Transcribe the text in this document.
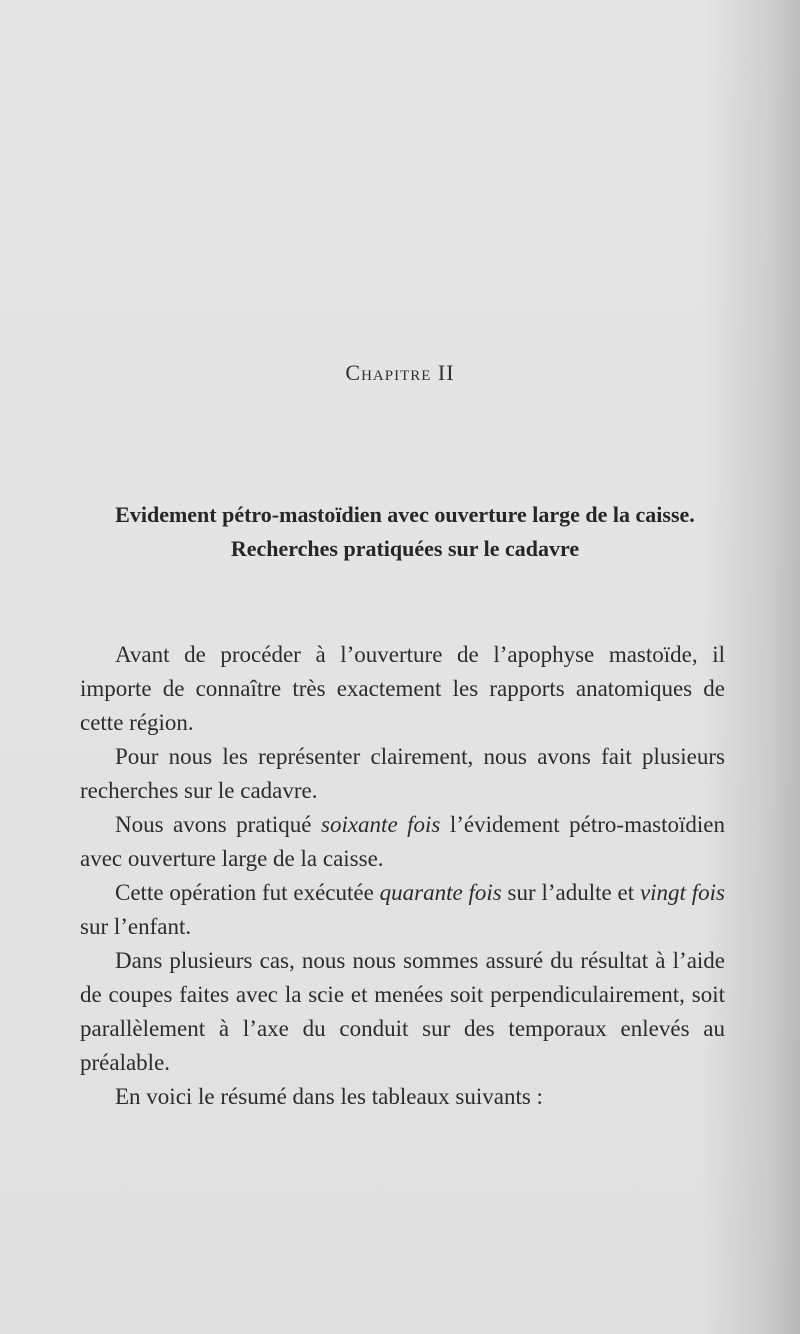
Chapitre II
Evidement pétro-mastoïdien avec ouverture large de la caisse.
Recherches pratiquées sur le cadavre

Avant de procéder à l’ouverture de l’apophyse mastoïde, il importe de connaître très exactement les rapports anatomiques de cette région.

Pour nous les représenter clairement, nous avons fait plusieurs recherches sur le cadavre.

Nous avons pratiqué soixante fois l’évidement pétro-mastoïdien avec ouverture large de la caisse.

Cette opération fut exécutée quarante fois sur l’adulte et vingt fois sur l’enfant.

Dans plusieurs cas, nous nous sommes assuré du résultat à l’aide de coupes faites avec la scie et menées soit perpendiculairement, soit parallèlement à l’axe du conduit sur des temporaux enlevés au préalable.

En voici le résumé dans les tableaux suivants :
